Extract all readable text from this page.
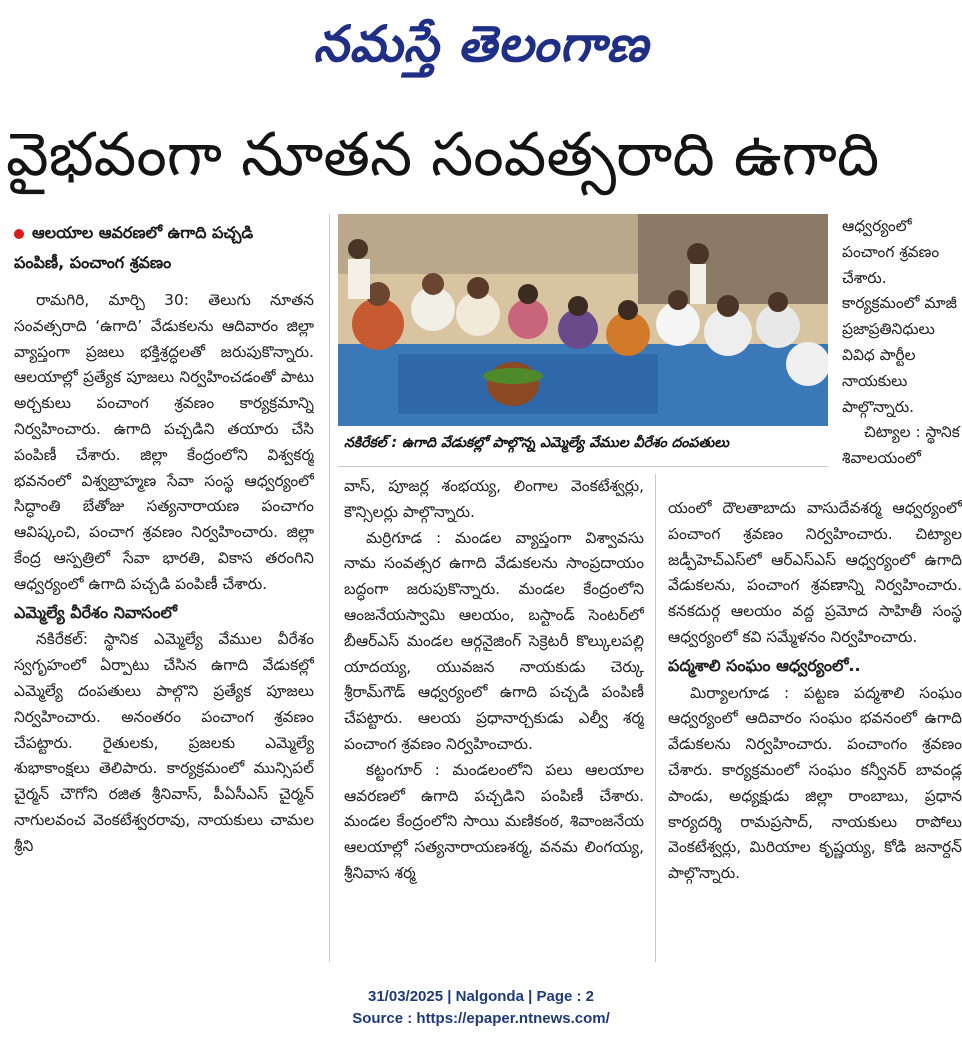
నమస్తే తెలంగాణ
వైభవంగా నూతన సంవత్సరాది ఉగాది
ఆలయాల ఆవరణలో ఉగాది పచ్చడి
పంపిణీ, పంచాంగ శ్రవణం

రామగిరి, మార్చి 30: తెలుగు నూతన సంవత్సరాది ‘ఉగాది’ వేడుకలను ఆదివారం జిల్లా వ్యాప్తంగా ప్రజలు భక్తిశ్రద్ధలతో జరుపుకొన్నారు. ఆలయాల్లో ప్రత్యేక పూజలు నిర్వహించడంతో పాటు అర్చకులు పంచాంగ శ్రవణం కార్యక్రమాన్ని నిర్వహించారు. ఉగాది పచ్చడిని తయారు చేసి పంపిణీ చేశారు. జిల్లా కేంద్రంలోని విశ్వకర్మ భవనంలో విశ్వబ్రాహ్మణ సేవా సంస్థ ఆధ్వర్యంలో సిద్ధాంతి బేతోజు సత్యనారాయణ పంచాగం ఆవిష్కంచి, పంచాగ శ్రవణం నిర్వహించారు. జిల్లా కేంద్ర ఆస్పత్రిలో సేవా భారతి, వికాస తరంగిని ఆధ్వర్యంలో ఉగాది పచ్చడి పంపిణీ చేశారు.

ఎమ్మెల్యే వీరేశం నివాసంలో

నకిరేకల్: స్థానిక ఎమ్మెల్యే వేముల వీరేశం స్వగృహంలో ఏర్పాటు చేసిన ఉగాది వేడుకల్లో ఎమ్మెల్యే దంపతులు పాల్గొని ప్రత్యేక పూజలు నిర్వహించారు. అనంతరం పంచాంగ శ్రవణం చేపట్టారు. రైతులకు, ప్రజలకు ఎమ్మెల్యే శుభాకాంక్షలు తెలిపారు. కార్యక్రమంలో మున్సిపల్ చైర్మన్ చౌగోని రజిత శ్రీనివాస్, పీఏసీఎస్ చైర్మన్ నాగులవంచ వెంకటేశ్వరరావు, నాయకులు చామల శ్రీని

నకిరేకల్ : ఉగాది వేడుకల్లో పాల్గొన్న ఎమ్మెల్యే వేముల వీరేశం దంపతులు

వాస్, పూజర్ల శంభయ్య, లింగాల వెంకటేశ్వర్లు, కౌన్సిలర్లు పాల్గొన్నారు.

మర్రిగూడ : మండల వ్యాప్తంగా విశ్వావసు నామ సంవత్సర ఉగాది వేడుకలను సాంప్రదాయం బద్ధంగా జరుపుకొన్నారు. మండల కేంద్రంలోని ఆంజనేయస్వామి ఆలయం, బస్టాండ్ సెంటర్‌లో బీఆర్ఎస్ మండల ఆర్గనైజింగ్ సెక్రెటరీ కొల్కులపల్లి యాదయ్య, యువజన నాయకుడు చెర్కు శ్రీరామ్‌గౌడ్ ఆధ్వర్యంలో ఉగాది పచ్చడి పంపిణీ చేపట్టారు. ఆలయ ప్రధానార్చకుడు ఎల్వీ శర్మ పంచాంగ శ్రవణం నిర్వహించారు.

కట్టంగూర్ : మండలంలోని పలు ఆలయాల ఆవరణలో ఉగాది పచ్చడిని పంపిణీ చేశారు. మండల కేంద్రంలోని సాయి మణికంఠ, శివాంజనేయ ఆలయాల్లో సత్యనారాయణశర్మ, వనమ లింగయ్య, శ్రీనివాస శర్మ

ఆధ్వర్యంలో పంచాంగ శ్రవణం చేశారు. కార్యక్రమంలో మాజీ ప్రజాప్రతినిధులు వివిధ పార్టీల నాయకులు పాల్గొన్నారు.

చిట్యాల : స్థానిక శివాలయంలో

యంలో దౌలతాబాదు వాసుదేవశర్మ ఆధ్వర్యంలో పంచాంగ శ్రవణం నిర్వహించారు. చిట్యాల జడ్పీహెచ్ఎస్‌లో ఆర్ఎస్ఎస్ ఆధ్వర్యంలో ఉగాది వేడుకలను, పంచాంగ శ్రవణాన్ని నిర్వహించారు. కనకదుర్గ ఆలయం వద్ద ప్రమోద సాహితీ సంస్థ ఆధ్వర్యంలో కవి సమ్మేళనం నిర్వహించారు.

పద్మశాలి సంఘం ఆధ్వర్యంలో..

మిర్యాలగూడ : పట్టణ పద్మశాలి సంఘం ఆధ్వర్యంలో ఆదివారం సంఘం భవనంలో ఉగాది వేడుకలను నిర్వహించారు. పంచాంగం శ్రవణం చేశారు. కార్యక్రమంలో సంఘం కన్వీనర్ బావండ్ల పాండు, అధ్యక్షుడు జిల్లా రాంబాబు, ప్రధాన కార్యదర్శి రామప్రసాద్, నాయకులు రాపోలు వెంకటేశ్వర్లు, మిరియాల కృష్ణయ్య, కోడి జనార్దన్ పాల్గొన్నారు.

31/03/2025 | Nalgonda | Page : 2
Source : https://epaper.ntnews.com/
